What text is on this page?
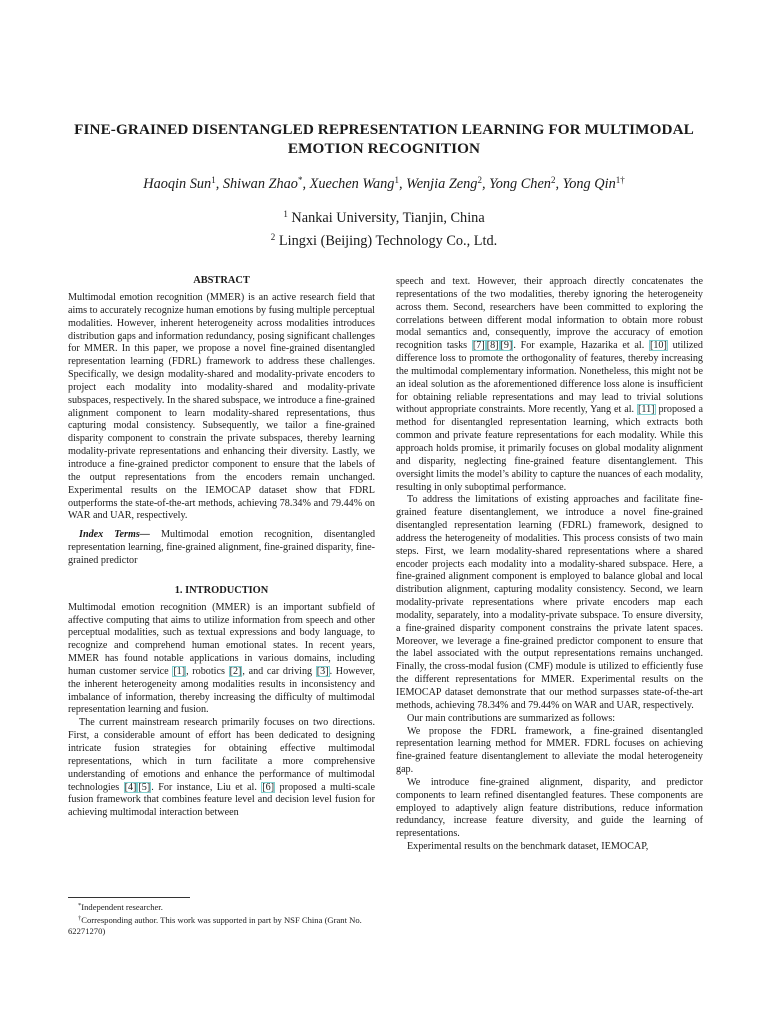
FINE-GRAINED DISENTANGLED REPRESENTATION LEARNING FOR MULTIMODAL
EMOTION RECOGNITION
Haoqin Sun$^1$, Shiwan Zhao*, Xuechen Wang$^1$, Wenjia Zeng$^2$, Yong Chen$^2$, Yong Qin$^{1\dagger}$
$^1$ Nankai University, Tianjin, China
$^2$ Lingxi (Beijing) Technology Co., Ltd.
ABSTRACT

Multimodal emotion recognition (MMER) is an active research field that aims to accurately recognize human emotions by fusing multiple perceptual modalities. However, inherent heterogeneity across modalities introduces distribution gaps and information redundancy, posing significant challenges for MMER. In this paper, we propose a novel fine-grained disentangled representation learning (FDRL) framework to address these challenges. Specifically, we design modality-shared and modality-private encoders to project each modality into modality-shared and modality-private subspaces, respectively. In the shared subspace, we introduce a fine-grained alignment component to learn modality-shared representations, thus capturing modal consistency. Subsequently, we tailor a fine-grained disparity component to constrain the private subspaces, thereby learning modality-private representations and enhancing their diversity. Lastly, we introduce a fine-grained predictor component to ensure that the labels of the output representations from the encoders remain unchanged. Experimental results on the IEMOCAP dataset show that FDRL outperforms the state-of-the-art methods, achieving 78.34% and 79.44% on WAR and UAR, respectively.

Index Terms— Multimodal emotion recognition, disentangled representation learning, fine-grained alignment, fine-grained disparity, fine-grained predictor

1. INTRODUCTION

Multimodal emotion recognition (MMER) is an important subfield of affective computing that aims to utilize information from speech and other perceptual modalities, such as textual expressions and body language, to recognize and comprehend human emotional states. In recent years, MMER has found notable applications in various domains, including human customer service [1], robotics [2], and car driving [3]. However, the inherent heterogeneity among modalities results in inconsistency and imbalance of information, thereby increasing the difficulty of multimodal representation learning and fusion.

The current mainstream research primarily focuses on two directions. First, a considerable amount of effort has been dedicated to designing intricate fusion strategies for obtaining effective multimodal representations, which in turn facilitate a more comprehensive understanding of emotions and enhance the performance of multimodal technologies [4] [5]. For instance, Liu et al. [6] proposed a multi-scale fusion framework that combines feature level and decision level fusion for achieving multimodal interaction between

*Independent researcher.

†Corresponding author. This work was supported in part by NSF China (Grant No. 62271270)

speech and text. However, their approach directly concatenates the representations of the two modalities, thereby ignoring the heterogeneity across them. Second, researchers have been committed to exploring the correlations between different modal information to obtain more robust modal semantics and, consequently, improve the accuracy of emotion recognition tasks [7] [8] [9]. For example, Hazarika et al. [10] utilized difference loss to promote the orthogonality of features, thereby increasing the multimodal complementary information. Nonetheless, this might not be an ideal solution as the aforementioned difference loss alone is insufficient for obtaining reliable representations and may lead to trivial solutions without appropriate constraints. More recently, Yang et al. [11] proposed a method for disentangled representation learning, which extracts both common and private feature representations for each modality. While this approach holds promise, it primarily focuses on global modality alignment and disparity, neglecting fine-grained feature disentanglement. This oversight limits the model’s ability to capture the nuances of each modality, resulting in only suboptimal performance.

To address the limitations of existing approaches and facilitate fine-grained feature disentanglement, we introduce a novel fine-grained disentangled representation learning (FDRL) framework, designed to address the heterogeneity of modalities. This process consists of two main steps. First, we learn modality-shared representations where a shared encoder projects each modality into a modality-shared subspace. Here, a fine-grained alignment component is employed to balance global and local distribution alignment, capturing modality consistency. Second, we learn modality-private representations where private encoders map each modality, separately, into a modality-private subspace. To ensure diversity, a fine-grained disparity component constrains the private latent spaces. Moreover, we leverage a fine-grained predictor component to ensure that the label associated with the output representations remains unchanged. Finally, the cross-modal fusion (CMF) module is utilized to efficiently fuse the different representations for MMER. Experimental results on the IEMOCAP dataset demonstrate that our method surpasses state-of-the-art methods, achieving 78.34% and 79.44% on WAR and UAR, respectively.

Our main contributions are summarized as follows:

We propose the FDRL framework, a fine-grained disentangled representation learning method for MMER. FDRL focuses on achieving fine-grained feature disentanglement to alleviate the modal heterogeneity gap.

We introduce fine-grained alignment, disparity, and predictor components to learn refined disentangled features. These components are employed to adaptively align feature distributions, reduce information redundancy, increase feature diversity, and guide the learning of representations.

Experimental results on the benchmark dataset, IEMOCAP,
